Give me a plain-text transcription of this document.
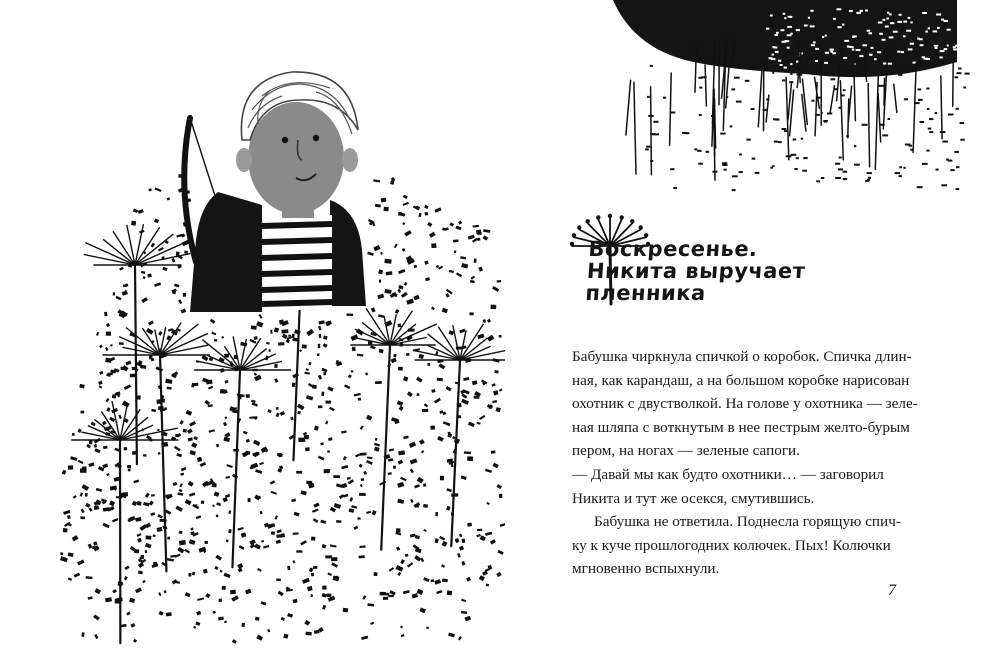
Воскресенье.
Никита выручает
пленника
Бабушка чиркнула спичкой о коробок. Спичка длин-
ная, как карандаш, а на большом коробке нарисован
охотник с двустволкой. На голове у охотника — зеле-
ная шляпа с воткнутым в нее пестрым желто-бурым
пером, на ногах — зеленые сапоги.
— Давай мы как будто охотники… — заговорил
Никита и тут же осекся, смутившись.
Бабушка не ответила. Поднесла горящую спич-
ку к куче прошлогодних колючек. Пых! Колючки
мгновенно вспыхнули.
7
